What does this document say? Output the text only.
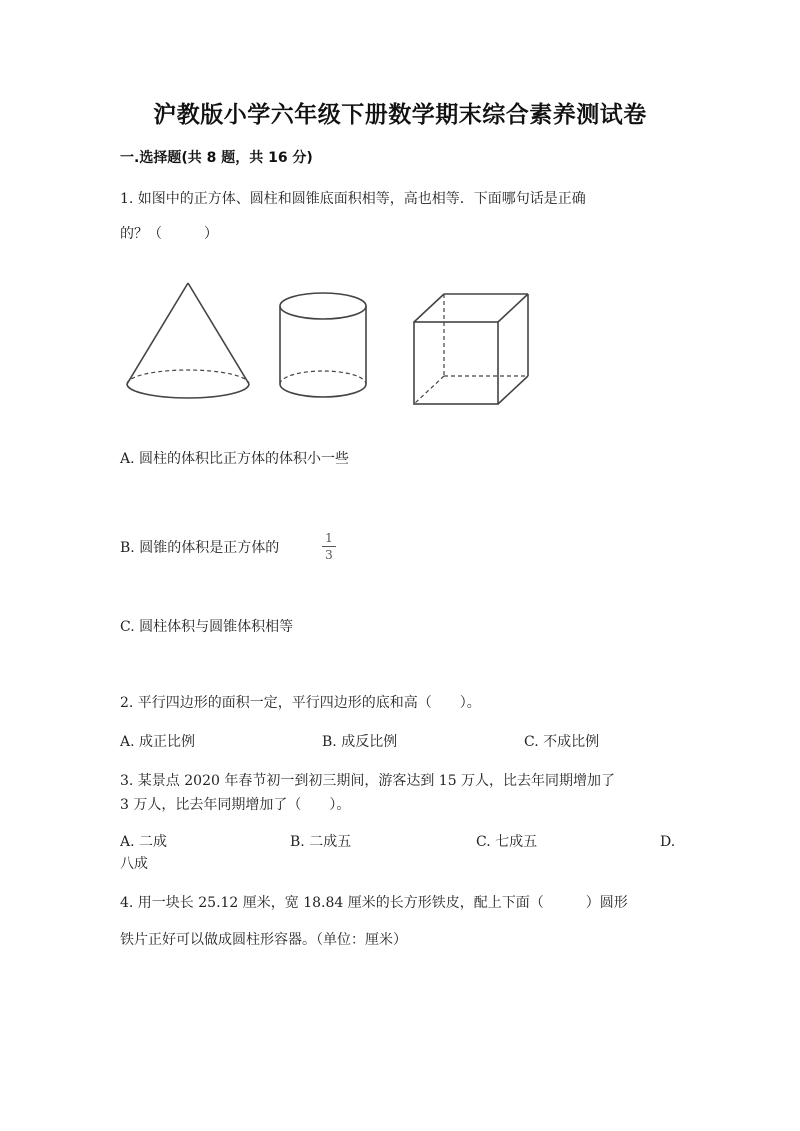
沪教版小学六年级下册数学期末综合素养测试卷
一.选择题(共 8 题，共 16 分)
1. 如图中的正方体、圆柱和圆锥底面积相等，高也相等．下面哪句话是正确
的？（　　　）
A. 圆柱的体积比正方体的体积小一些
B. 圆锥的体积是正方体的
1
3
C. 圆柱体积与圆锥体积相等
2. 平行四边形的面积一定，平行四边形的底和高（　　）。
A. 成正比例	B. 成反比例	C. 不成比例
3. 某景点 2020 年春节初一到初三期间，游客达到 15 万人，比去年同期增加了
3 万人，比去年同期增加了（　　）。
A. 二成	B. 二成五	C. 七成五	D.
八成
4. 用一块长 25.12 厘米，宽 18.84 厘米的长方形铁皮，配上下面（　　　）圆形
铁片正好可以做成圆柱形容器。（单位：厘米）
